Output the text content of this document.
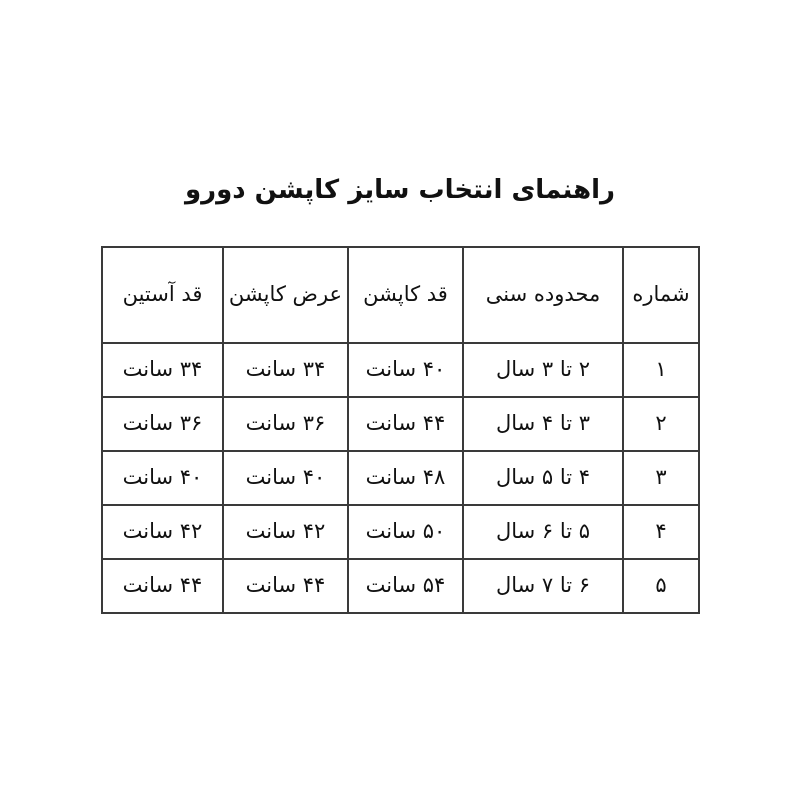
راهنمای انتخاب سایز کاپشن دورو
شماره	محدوده سنی	قد کاپشن	عرض کاپشن	قد آستین
۱	۲ تا ۳ سال	۴۰ سانت	۳۴ سانت	۳۴ سانت
۲	۳ تا ۴ سال	۴۴ سانت	۳۶ سانت	۳۶ سانت
۳	۴ تا ۵ سال	۴۸ سانت	۴۰ سانت	۴۰ سانت
۴	۵ تا ۶ سال	۵۰ سانت	۴۲ سانت	۴۲ سانت
۵	۶ تا ۷ سال	۵۴ سانت	۴۴ سانت	۴۴ سانت
